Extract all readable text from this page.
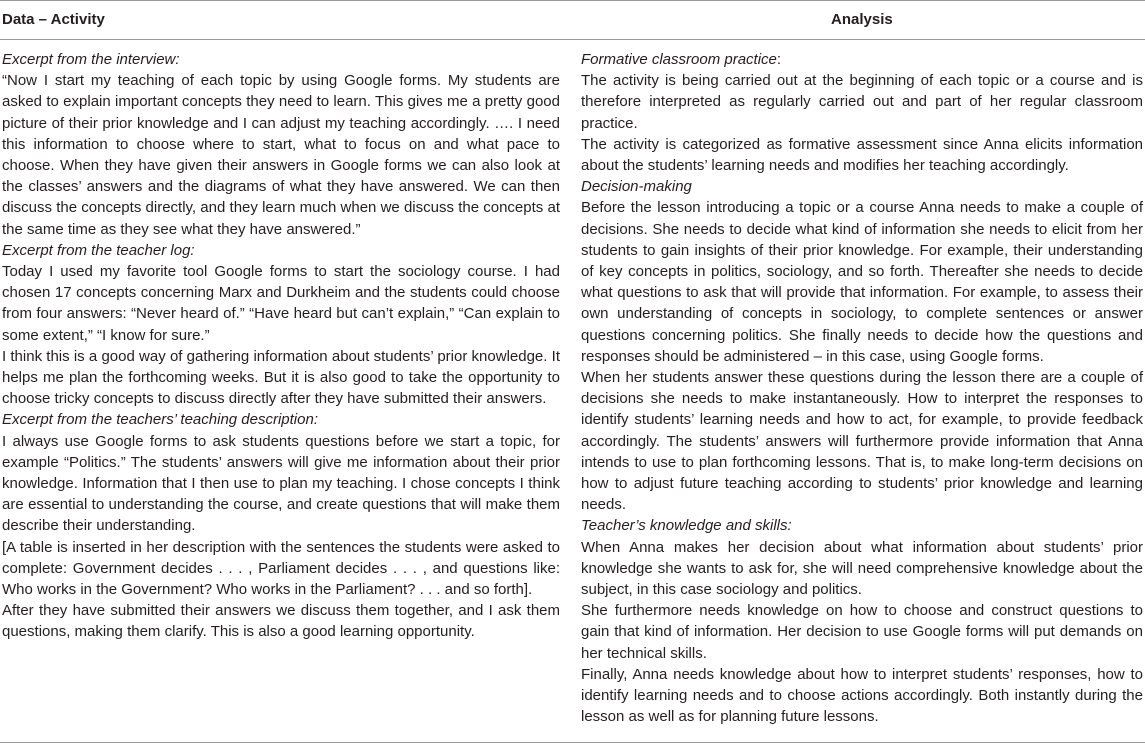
Data – Activity	Analysis

Excerpt from the interview:

“Now I start my teaching of each topic by using Google forms. My students are asked to explain important concepts they need to learn. This gives me a pretty good picture of their prior knowledge and I can adjust my teaching accordingly. …. I need this information to choose where to start, what to focus on and what pace to choose. When they have given their answers in Google forms we can also look at the classes’ answers and the diagrams of what they have answered. We can then discuss the concepts directly, and they learn much when we discuss the concepts at the same time as they see what they have answered.”

Excerpt from the teacher log:

Today I used my favorite tool Google forms to start the sociology course. I had chosen 17 concepts concerning Marx and Durkheim and the students could choose from four answers: “Never heard of.” “Have heard but can’t explain,” “Can explain to some extent,” “I know for sure.”

I think this is a good way of gathering information about students’ prior knowledge. It helps me plan the forthcoming weeks. But it is also good to take the opportunity to choose tricky concepts to discuss directly after they have submitted their answers.

Excerpt from the teachers’ teaching description:

I always use Google forms to ask students questions before we start a topic, for example “Politics.” The students’ answers will give me information about their prior knowledge. Information that I then use to plan my teaching. I chose concepts I think are essential to understanding the course, and create questions that will make them describe their understanding.

[A table is inserted in her description with the sentences the students were asked to complete: Government decides . . . , Parliament decides . . . , and questions like: Who works in the Government? Who works in the Parliament? . . . and so forth].

After they have submitted their answers we discuss them together, and I ask them questions, making them clarify. This is also a good learning opportunity.

Formative classroom practice:

The activity is being carried out at the beginning of each topic or a course and is therefore interpreted as regularly carried out and part of her regular classroom practice.

The activity is categorized as formative assessment since Anna elicits information about the students’ learning needs and modifies her teaching accordingly.

Decision-making

Before the lesson introducing a topic or a course Anna needs to make a couple of decisions. She needs to decide what kind of information she needs to elicit from her students to gain insights of their prior knowledge. For example, their understanding of key concepts in politics, sociology, and so forth. Thereafter she needs to decide what questions to ask that will provide that information. For example, to assess their own understanding of concepts in sociology, to complete sentences or answer questions concerning politics. She finally needs to decide how the questions and responses should be administered – in this case, using Google forms.

When her students answer these questions during the lesson there are a couple of decisions she needs to make instantaneously. How to interpret the responses to identify students’ learning needs and how to act, for example, to provide feedback accordingly. The students’ answers will furthermore provide information that Anna intends to use to plan forthcoming lessons. That is, to make long-term decisions on how to adjust future teaching according to students’ prior knowledge and learning needs.

Teacher’s knowledge and skills:

When Anna makes her decision about what information about students’ prior knowledge she wants to ask for, she will need comprehensive knowledge about the subject, in this case sociology and politics.

She furthermore needs knowledge on how to choose and construct questions to gain that kind of information. Her decision to use Google forms will put demands on her technical skills.

Finally, Anna needs knowledge about how to interpret students’ responses, how to identify learning needs and to choose actions accordingly. Both instantly during the lesson as well as for planning future lessons.
